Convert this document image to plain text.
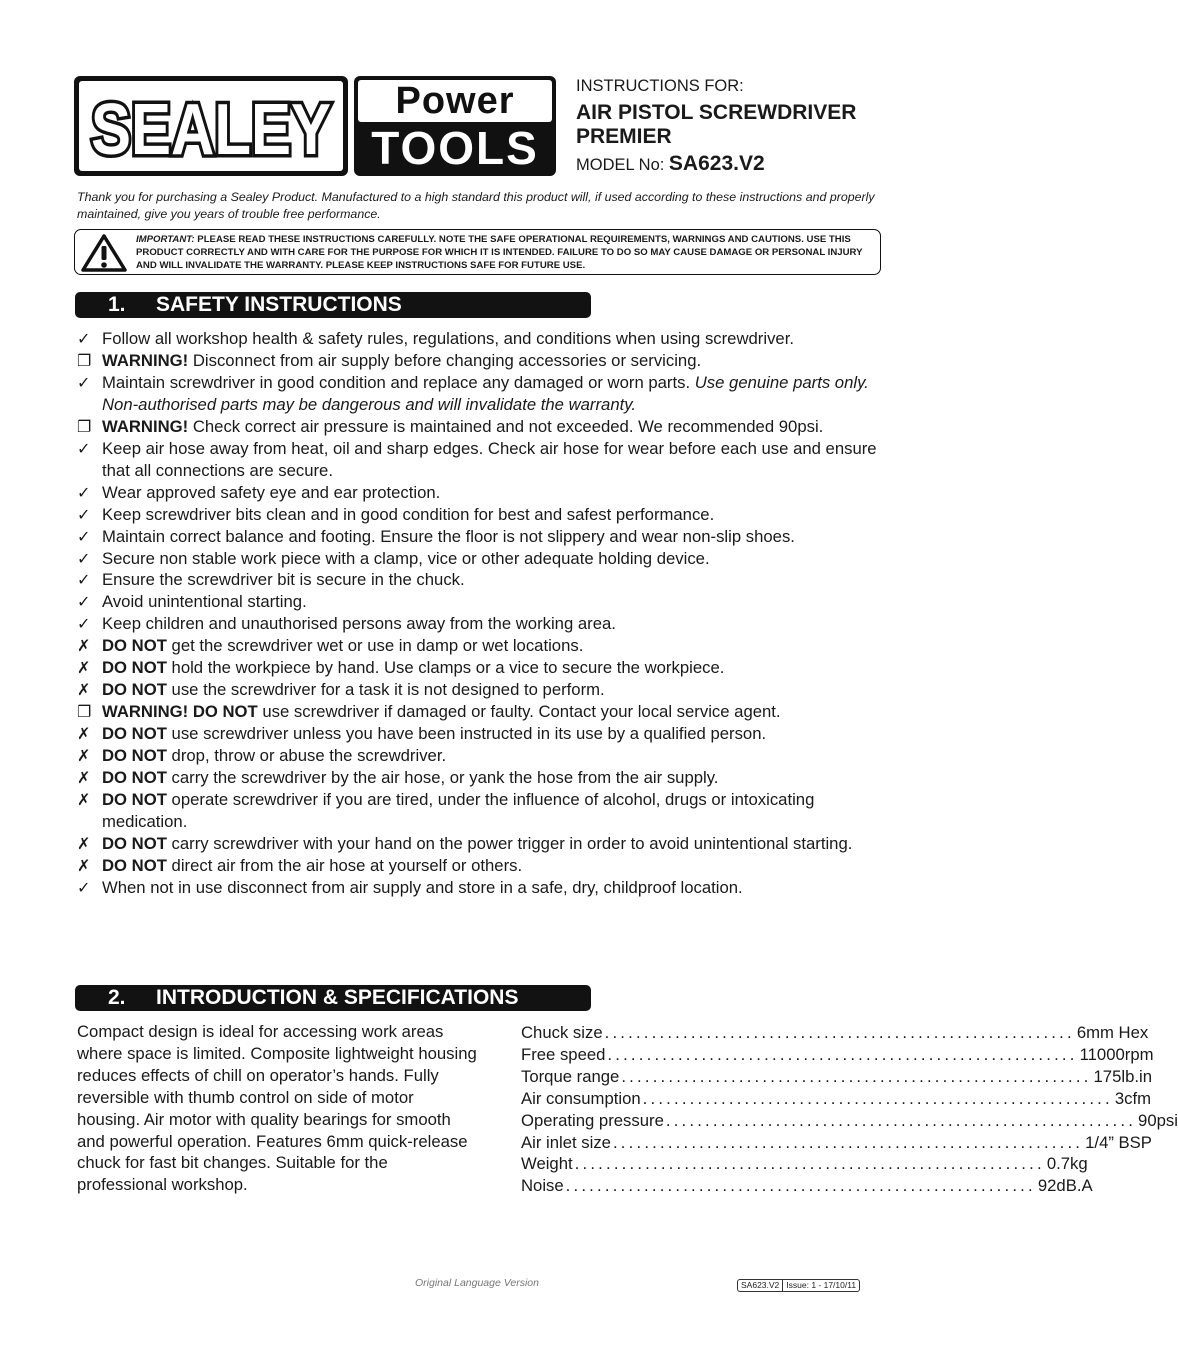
SEALEY	Power
TOOLS
INSTRUCTIONS FOR:
AIR PISTOL SCREWDRIVER
PREMIER
MODEL No: SA623.V2
Thank you for purchasing a Sealey Product. Manufactured to a high standard this product will, if used according to these instructions and properly maintained, give you years of trouble free performance.
IMPORTANT: PLEASE READ THESE INSTRUCTIONS CAREFULLY. NOTE THE SAFE OPERATIONAL REQUIREMENTS, WARNINGS AND CAUTIONS. USE THIS PRODUCT CORRECTLY AND WITH CARE FOR THE PURPOSE FOR WHICH IT IS INTENDED. FAILURE TO DO SO MAY CAUSE DAMAGE OR PERSONAL INJURY AND WILL INVALIDATE THE WARRANTY. PLEASE KEEP INSTRUCTIONS SAFE FOR FUTURE USE.
1. SAFETY INSTRUCTIONS
✓ Follow all workshop health & safety rules, regulations, and conditions when using screwdriver.
❐ WARNING! Disconnect from air supply before changing accessories or servicing.
✓ Maintain screwdriver in good condition and replace any damaged or worn parts. Use genuine parts only. Non-authorised parts may be dangerous and will invalidate the warranty.
❐ WARNING! Check correct air pressure is maintained and not exceeded. We recommended 90psi.
✓ Keep air hose away from heat, oil and sharp edges. Check air hose for wear before each use and ensure that all connections are secure.
✓ Wear approved safety eye and ear protection.
✓ Keep screwdriver bits clean and in good condition for best and safest performance.
✓ Maintain correct balance and footing. Ensure the floor is not slippery and wear non-slip shoes.
✓ Secure non stable work piece with a clamp, vice or other adequate holding device.
✓ Ensure the screwdriver bit is secure in the chuck.
✓ Avoid unintentional starting.
✓ Keep children and unauthorised persons away from the working area.
✗ DO NOT get the screwdriver wet or use in damp or wet locations.
✗ DO NOT hold the workpiece by hand. Use clamps or a vice to secure the workpiece.
✗ DO NOT use the screwdriver for a task it is not designed to perform.
❐ WARNING! DO NOT use screwdriver if damaged or faulty. Contact your local service agent.
✗ DO NOT use screwdriver unless you have been instructed in its use by a qualified person.
✗ DO NOT drop, throw or abuse the screwdriver.
✗ DO NOT carry the screwdriver by the air hose, or yank the hose from the air supply.
✗ DO NOT operate screwdriver if you are tired, under the influence of alcohol, drugs or intoxicating medication.
✗ DO NOT carry screwdriver with your hand on the power trigger in order to avoid unintentional starting.
✗ DO NOT direct air from the air hose at yourself or others.
✓ When not in use disconnect from air supply and store in a safe, dry, childproof location.
2. INTRODUCTION & SPECIFICATIONS
Compact design is ideal for accessing work areas where space is limited. Composite lightweight housing reduces effects of chill on operator’s hands. Fully reversible with thumb control on side of motor housing. Air motor with quality bearings for smooth and powerful operation. Features 6mm quick-release chuck for fast bit changes. Suitable for the professional workshop.
Chuck size ............................................................ 6mm Hex
Free speed ............................................................ 11000rpm
Torque range ............................................................ 175lb.in
Air consumption ............................................................ 3cfm
Operating pressure ............................................................ 90psi
Air inlet size ............................................................ 1/4” BSP
Weight ............................................................ 0.7kg
Noise ............................................................ 92dB.A
Original Language Version	SA623.V2 Issue: 1 - 17/10/11
